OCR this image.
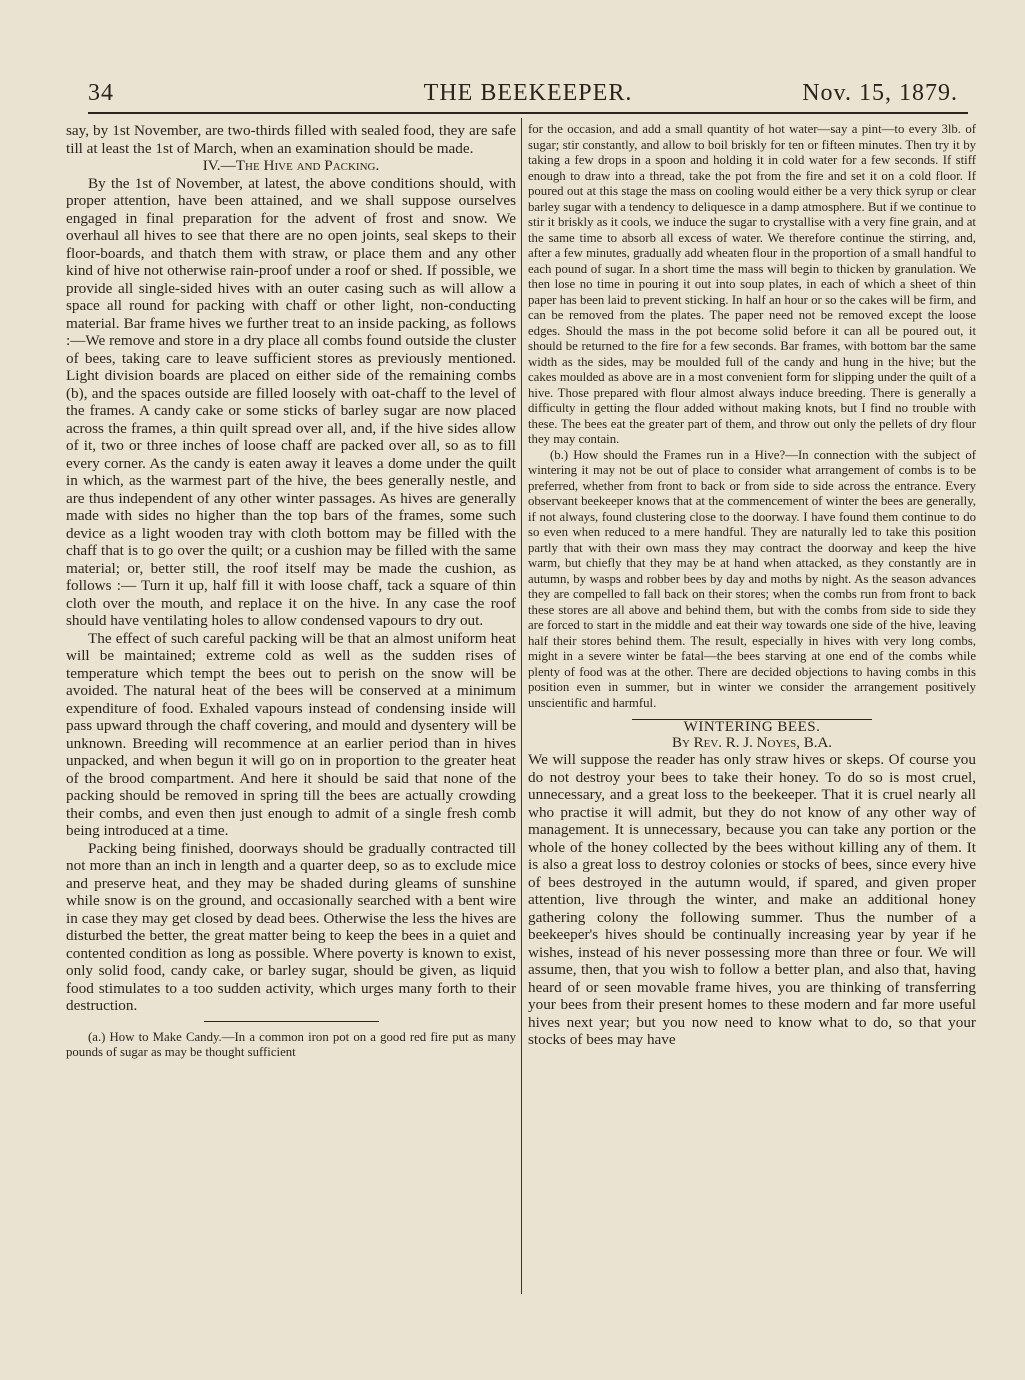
34	THE BEEKEEPER.	Nov. 15, 1879.

say, by 1st November, are two-thirds filled with sealed food, they are safe till at least the 1st of March, when an examination should be made.

IV.—The Hive and Packing.

By the 1st of November, at latest, the above conditions should, with proper attention, have been attained, and we shall suppose ourselves engaged in final preparation for the advent of frost and snow. We overhaul all hives to see that there are no open joints, seal skeps to their floor-boards, and thatch them with straw, or place them and any other kind of hive not otherwise rain-proof under a roof or shed. If possible, we provide all single-sided hives with an outer casing such as will allow a space all round for packing with chaff or other light, non-conducting material. Bar frame hives we further treat to an inside packing, as follows :—We remove and store in a dry place all combs found outside the cluster of bees, taking care to leave sufficient stores as previously mentioned. Light division boards are placed on either side of the remaining combs (b), and the spaces outside are filled loosely with oat-chaff to the level of the frames. A candy cake or some sticks of barley sugar are now placed across the frames, a thin quilt spread over all, and, if the hive sides allow of it, two or three inches of loose chaff are packed over all, so as to fill every corner. As the candy is eaten away it leaves a dome under the quilt in which, as the warmest part of the hive, the bees generally nestle, and are thus independent of any other winter passages. As hives are generally made with sides no higher than the top bars of the frames, some such device as a light wooden tray with cloth bottom may be filled with the chaff that is to go over the quilt; or a cushion may be filled with the same material; or, better still, the roof itself may be made the cushion, as follows :— Turn it up, half fill it with loose chaff, tack a square of thin cloth over the mouth, and replace it on the hive. In any case the roof should have ventilating holes to allow condensed vapours to dry out.

The effect of such careful packing will be that an almost uniform heat will be maintained; extreme cold as well as the sudden rises of temperature which tempt the bees out to perish on the snow will be avoided. The natural heat of the bees will be conserved at a minimum expenditure of food. Exhaled vapours instead of condensing inside will pass upward through the chaff covering, and mould and dysentery will be unknown. Breeding will recommence at an earlier period than in hives unpacked, and when begun it will go on in proportion to the greater heat of the brood compartment. And here it should be said that none of the packing should be removed in spring till the bees are actually crowding their combs, and even then just enough to admit of a single fresh comb being introduced at a time.

Packing being finished, doorways should be gradually contracted till not more than an inch in length and a quarter deep, so as to exclude mice and preserve heat, and they may be shaded during gleams of sunshine while snow is on the ground, and occasionally searched with a bent wire in case they may get closed by dead bees. Otherwise the less the hives are disturbed the better, the great matter being to keep the bees in a quiet and contented condition as long as possible. Where poverty is known to exist, only solid food, candy cake, or barley sugar, should be given, as liquid food stimulates to a too sudden activity, which urges many forth to their destruction.

(a.) How to Make Candy.—In a common iron pot on a good red fire put as many pounds of sugar as may be thought sufficient

for the occasion, and add a small quantity of hot water—say a pint—to every 3lb. of sugar; stir constantly, and allow to boil briskly for ten or fifteen minutes. Then try it by taking a few drops in a spoon and holding it in cold water for a few seconds. If stiff enough to draw into a thread, take the pot from the fire and set it on a cold floor. If poured out at this stage the mass on cooling would either be a very thick syrup or clear barley sugar with a tendency to deliquesce in a damp atmosphere. But if we continue to stir it briskly as it cools, we induce the sugar to crystallise with a very fine grain, and at the same time to absorb all excess of water. We therefore continue the stirring, and, after a few minutes, gradually add wheaten flour in the proportion of a small handful to each pound of sugar. In a short time the mass will begin to thicken by granulation. We then lose no time in pouring it out into soup plates, in each of which a sheet of thin paper has been laid to prevent sticking. In half an hour or so the cakes will be firm, and can be removed from the plates. The paper need not be removed except the loose edges. Should the mass in the pot become solid before it can all be poured out, it should be returned to the fire for a few seconds. Bar frames, with bottom bar the same width as the sides, may be moulded full of the candy and hung in the hive; but the cakes moulded as above are in a most convenient form for slipping under the quilt of a hive. Those prepared with flour almost always induce breeding. There is generally a difficulty in getting the flour added without making knots, but I find no trouble with these. The bees eat the greater part of them, and throw out only the pellets of dry flour they may contain.

(b.) How should the Frames run in a Hive?—In connection with the subject of wintering it may not be out of place to consider what arrangement of combs is to be preferred, whether from front to back or from side to side across the entrance. Every observant beekeeper knows that at the commencement of winter the bees are generally, if not always, found clustering close to the doorway. I have found them continue to do so even when reduced to a mere handful. They are naturally led to take this position partly that with their own mass they may contract the doorway and keep the hive warm, but chiefly that they may be at hand when attacked, as they constantly are in autumn, by wasps and robber bees by day and moths by night. As the season advances they are compelled to fall back on their stores; when the combs run from front to back these stores are all above and behind them, but with the combs from side to side they are forced to start in the middle and eat their way towards one side of the hive, leaving half their stores behind them. The result, especially in hives with very long combs, might in a severe winter be fatal—the bees starving at one end of the combs while plenty of food was at the other. There are decided objections to having combs in this position even in summer, but in winter we consider the arrangement positively unscientific and harmful.

WINTERING BEES.

By Rev. R. J. Noyes, B.A.

We will suppose the reader has only straw hives or skeps. Of course you do not destroy your bees to take their honey. To do so is most cruel, unnecessary, and a great loss to the beekeeper. That it is cruel nearly all who practise it will admit, but they do not know of any other way of management. It is unnecessary, because you can take any portion or the whole of the honey collected by the bees without killing any of them. It is also a great loss to destroy colonies or stocks of bees, since every hive of bees destroyed in the autumn would, if spared, and given proper attention, live through the winter, and make an additional honey gathering colony the following summer. Thus the number of a beekeeper's hives should be continually increasing year by year if he wishes, instead of his never possessing more than three or four. We will assume, then, that you wish to follow a better plan, and also that, having heard of or seen movable frame hives, you are thinking of transferring your bees from their present homes to these modern and far more useful hives next year; but you now need to know what to do, so that your stocks of bees may have
